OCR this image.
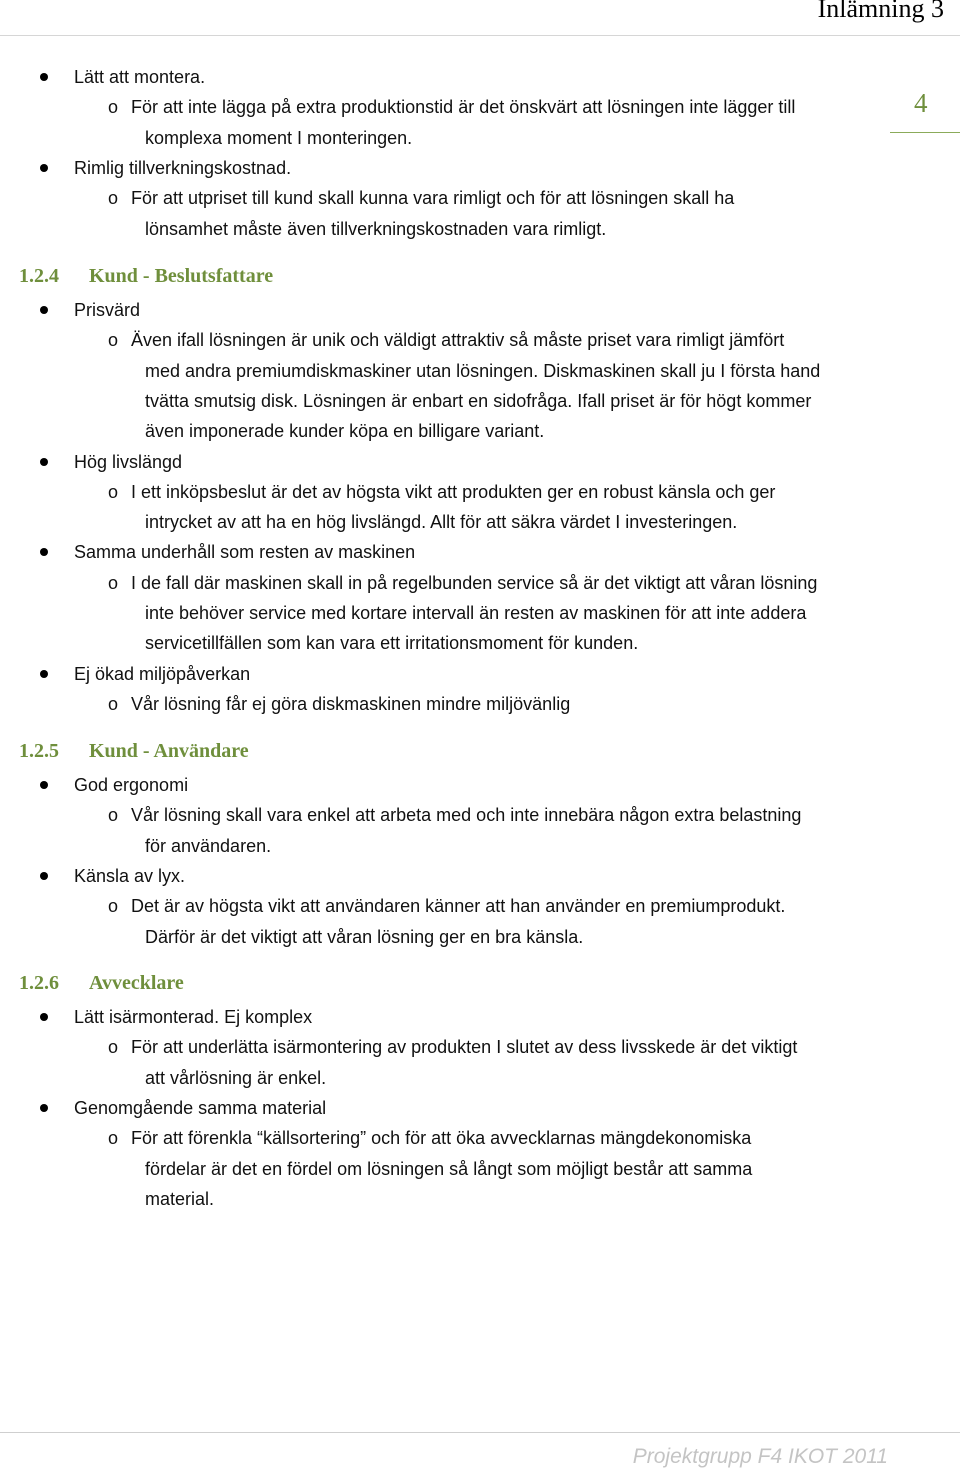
Inlämning 3
4
Lätt att montera.
o För att inte lägga på extra produktionstid är det önskvärt att lösningen inte lägger till
komplexa moment I monteringen.
Rimlig tillverkningskostnad.
o För att utpriset till kund skall kunna vara rimligt och för att lösningen skall ha
lönsamhet måste även tillverkningskostnaden vara rimligt.
1.2.4 Kund - Beslutsfattare
Prisvärd
o Även ifall lösningen är unik och väldigt attraktiv så måste priset vara rimligt jämfört
med andra premiumdiskmaskiner utan lösningen. Diskmaskinen skall ju I första hand
tvätta smutsig disk. Lösningen är enbart en sidofråga. Ifall priset är för högt kommer
även imponerade kunder köpa en billigare variant.
Hög livslängd
o I ett inköpsbeslut är det av högsta vikt att produkten ger en robust känsla och ger
intrycket av att ha en hög livslängd. Allt för att säkra värdet I investeringen.
Samma underhåll som resten av maskinen
o I de fall där maskinen skall in på regelbunden service så är det viktigt att våran lösning
inte behöver service med kortare intervall än resten av maskinen för att inte addera
servicetillfällen som kan vara ett irritationsmoment för kunden.
Ej ökad miljöpåverkan
o Vår lösning får ej göra diskmaskinen mindre miljövänlig
1.2.5 Kund - Användare
God ergonomi
o Vår lösning skall vara enkel att arbeta med och inte innebära någon extra belastning
för användaren.
Känsla av lyx.
o Det är av högsta vikt att användaren känner att han använder en premiumprodukt.
Därför är det viktigt att våran lösning ger en bra känsla.
1.2.6 Avvecklare
Lätt isärmonterad. Ej komplex
o För att underlätta isärmontering av produkten I slutet av dess livsskede är det viktigt
att vårlösning är enkel.
Genomgående samma material
o För att förenkla “källsortering” och för att öka avvecklarnas mängdekonomiska
fördelar är det en fördel om lösningen så långt som möjligt består att samma
material.
Projektgrupp F4 IKOT 2011
